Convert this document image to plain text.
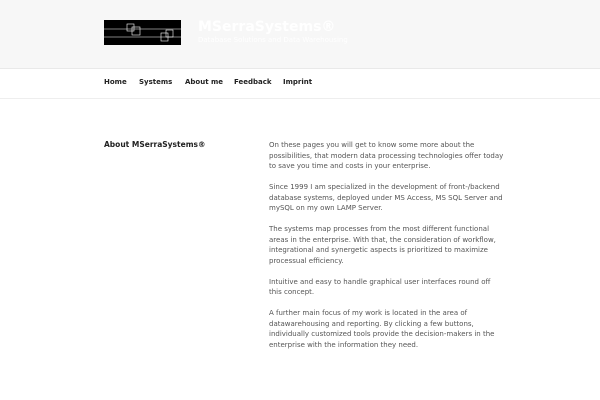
MSerraSystems®
Database Solutions and Data Warehousing
Home Systems About me Feedback Imprint
About MSerraSystems®	On these pages you will get to know some more about the possibilities, that modern data processing technologies offer today to save you time and costs in your enterprise.

Since 1999 I am specialized in the development of front-/backend database systems, deployed under MS Access, MS SQL Server and mySQL on my own LAMP Server.

The systems map processes from the most different functional areas in the enterprise. With that, the consideration of workflow, integrational and synergetic aspects is prioritized to maximize processual efficiency.

Intuitive and easy to handle graphical user interfaces round off this concept.

A further main focus of my work is located in the area of datawarehousing and reporting. By clicking a few buttons, individually customized tools provide the decision-makers in the enterprise with the information they need.
